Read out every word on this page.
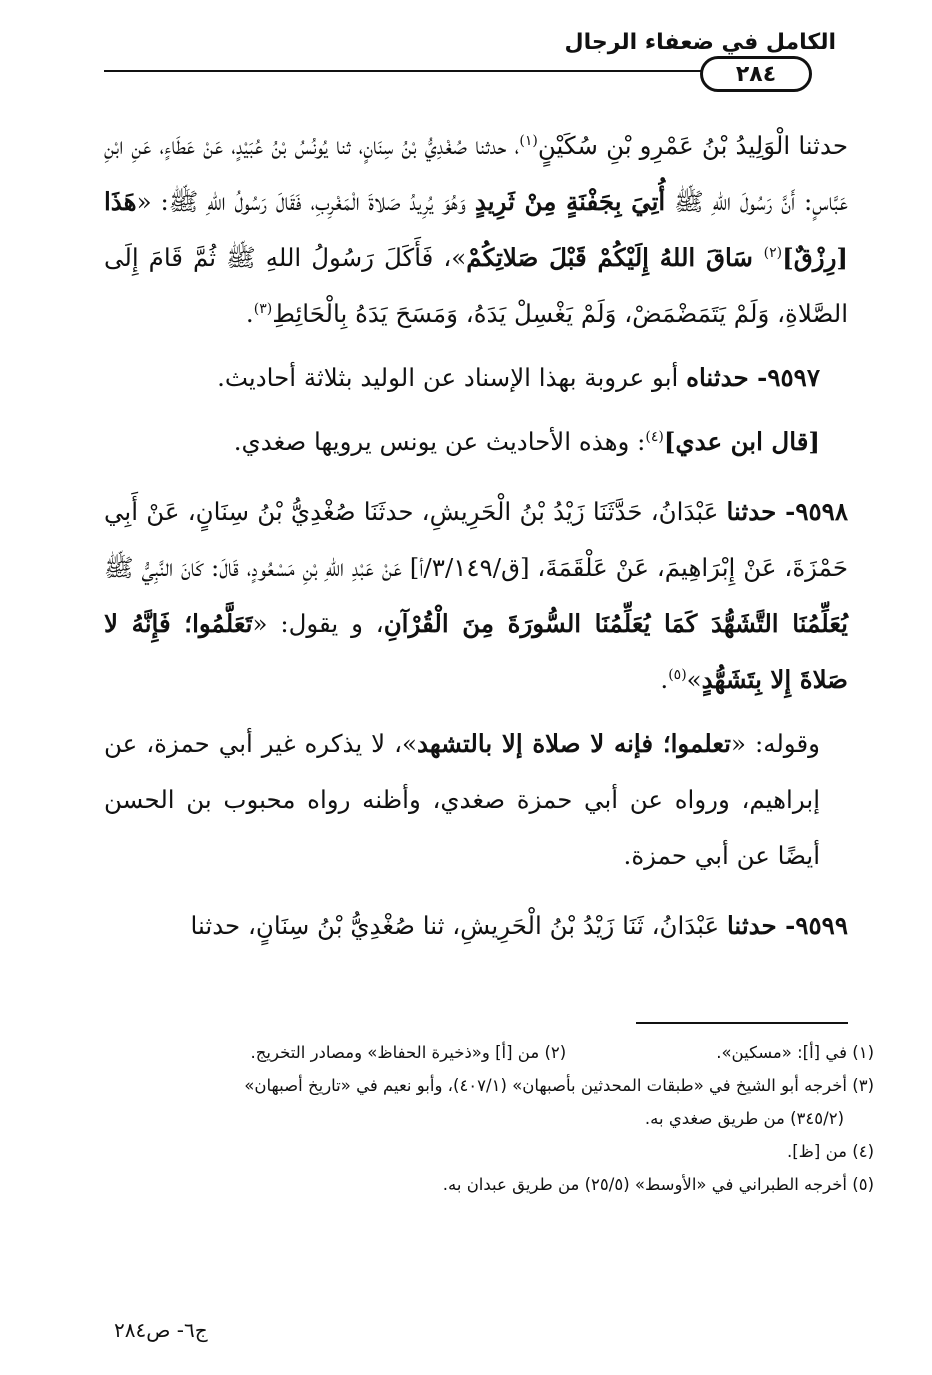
الكامل في ضعفاء الرجال
٢٨٤

حدثنا الْوَلِيدُ بْنُ عَمْرِو بْنِ سُكَيْنٍ$^{(١)}$، حدثنا صُغْدِيُّ بْنُ سِنَانٍ، ثنا يُونُسُ بْنُ عُبَيْدٍ، عَنْ عَطَاءٍ، عَنِ ابْنِ عَبَّاسٍ: أَنَّ رَسُولَ اللهِ ﷺ أُتِيَ بِجَفْنَةٍ مِنْ ثَرِيدٍ وَهُوَ يُرِيدُ صَلاةَ الْمَغْرِبِ، فَقَالَ رَسُولُ اللهِ ﷺ: «هَذَا [رِزْقٌ]$^{(٢)}$ سَاقَ اللهُ إِلَيْكُمْ قَبْلَ صَلاتِكُمْ»، فَأَكَلَ رَسُولُ اللهِ ﷺ ثُمَّ قَامَ إِلَى الصَّلاةِ، وَلَمْ يَتَمَضْمَضْ، وَلَمْ يَغْسِلْ يَدَهُ، وَمَسَحَ يَدَهُ بِالْحَائِطِ$^{(٣)}$.

٩٥٩٧- حدثناه أبو عروبة بهذا الإسناد عن الوليد بثلاثة أحاديث.

[قال ابن عدي]$^{(٤)}$: وهذه الأحاديث عن يونس يرويها صغدي.

٩٥٩٨- حدثنا عَبْدَانُ، حَدَّثَنَا زَيْدُ بْنُ الْحَرِيشِ، حدثَنَا صُغْدِيُّ بْنُ سِنَانٍ، عَنْ أَبِي حَمْزَةَ، عَنْ إِبْرَاهِيمَ، عَنْ عَلْقَمَةَ، [ق/٣/١٤٩/أ] عَنْ عَبْدِ اللهِ بْنِ مَسْعُودٍ، قَالَ: كَانَ النَّبِيُّ ﷺ يُعَلِّمُنَا التَّشَهُّدَ كَمَا يُعَلِّمُنَا السُّورَةَ مِنَ الْقُرْآنِ، و يقول: «تَعَلَّمُوا؛ فَإِنَّهُ لا صَلاةَ إِلا بِتَشَهُّدٍ»$^{(٥)}$.

وقوله: «تعلموا؛ فإنه لا صلاة إلا بالتشهد»، لا يذكره غير أبي حمزة، عن إبراهيم، ورواه عن أبي حمزة صغدي، وأظنه رواه محبوب بن الحسن أيضًا عن أبي حمزة.

٩٥٩٩- حدثنا عَبْدَانُ، ثَنَا زَيْدُ بْنُ الْحَرِيشِ، ثنا صُغْدِيُّ بْنُ سِنَانٍ، حدثنا

(١) في [أ]: «مسكين».
(٢) من [أ] و«ذخيرة الحفاظ» ومصادر التخريج.
(٣) أخرجه أبو الشيخ في «طبقات المحدثين بأصبهان» (٤٠٧/١)، وأبو نعيم في «تاريخ أصبهان»
(٣٤٥/٢) من طريق صغدي به.
(٤) من [ظ].
(٥) أخرجه الطبراني في «الأوسط» (٢٥/٥) من طريق عبدان به.
ج٦- ص٢٨٤
